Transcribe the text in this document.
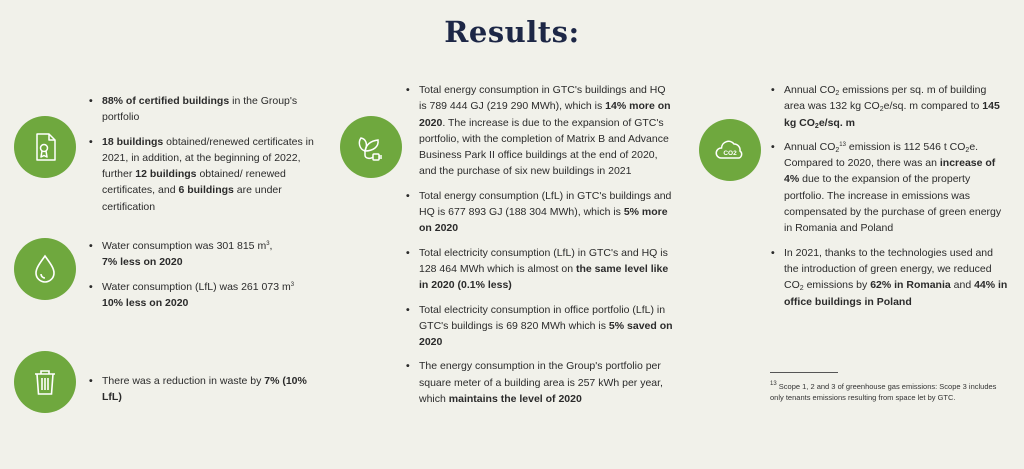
Results:
• 88% of certified buildings in the Group's portfolio
• 18 buildings obtained/renewed certificates in 2021, in addition, at the beginning of 2022, further 12 buildings obtained/ renewed certificates, and 6 buildings are under certification
• Water consumption was 301 815 $m^3$,
7% less on 2020
• Water consumption (LfL) was 261 073 $m^3$
10% less on 2020
• There was a reduction in waste by 7% (10% LfL)
• Total energy consumption in GTC's buildings and HQ is 789 444 GJ (219 290 MWh), which is 14% more on 2020. The increase is due to the expansion of GTC's portfolio, with the completion of Matrix B and Advance Business Park II office buildings at the end of 2020, and the purchase of six new buildings in 2021
• Total energy consumption (LfL) in GTC's buildings and HQ is 677 893 GJ (188 304 MWh), which is 5% more on 2020
• Total electricity consumption (LfL) in GTC's and HQ is 128 464 MWh which is almost on the same level like in 2020 (0.1% less)
• Total electricity consumption in office portfolio (LfL) in GTC's buildings is 69 820 MWh which is 5% saved on 2020
• The energy consumption in the Group's portfolio per square meter of a building area is 257 kWh per year, which maintains the level of 2020
CO2
• Annual $CO_2$ emissions per sq. m of building area was 132 kg $CO_2e/sq$. m compared to 145 kg $CO_2e/sq$. m
• Annual $CO_2^{13}$ emission is 112 546 t $CO_2e$. Compared to 2020, there was an increase of 4% due to the expansion of the property portfolio. The increase in emissions was compensated by the purchase of green energy in Romania and Poland
• In 2021, thanks to the technologies used and the introduction of green energy, we reduced $CO_2$ emissions by 62% in Romania and 44% in office buildings in Poland
$^{13}$ Scope 1, 2 and 3 of greenhouse gas emissions: Scope 3 includes only tenants emissions resulting from space let by GTC.
